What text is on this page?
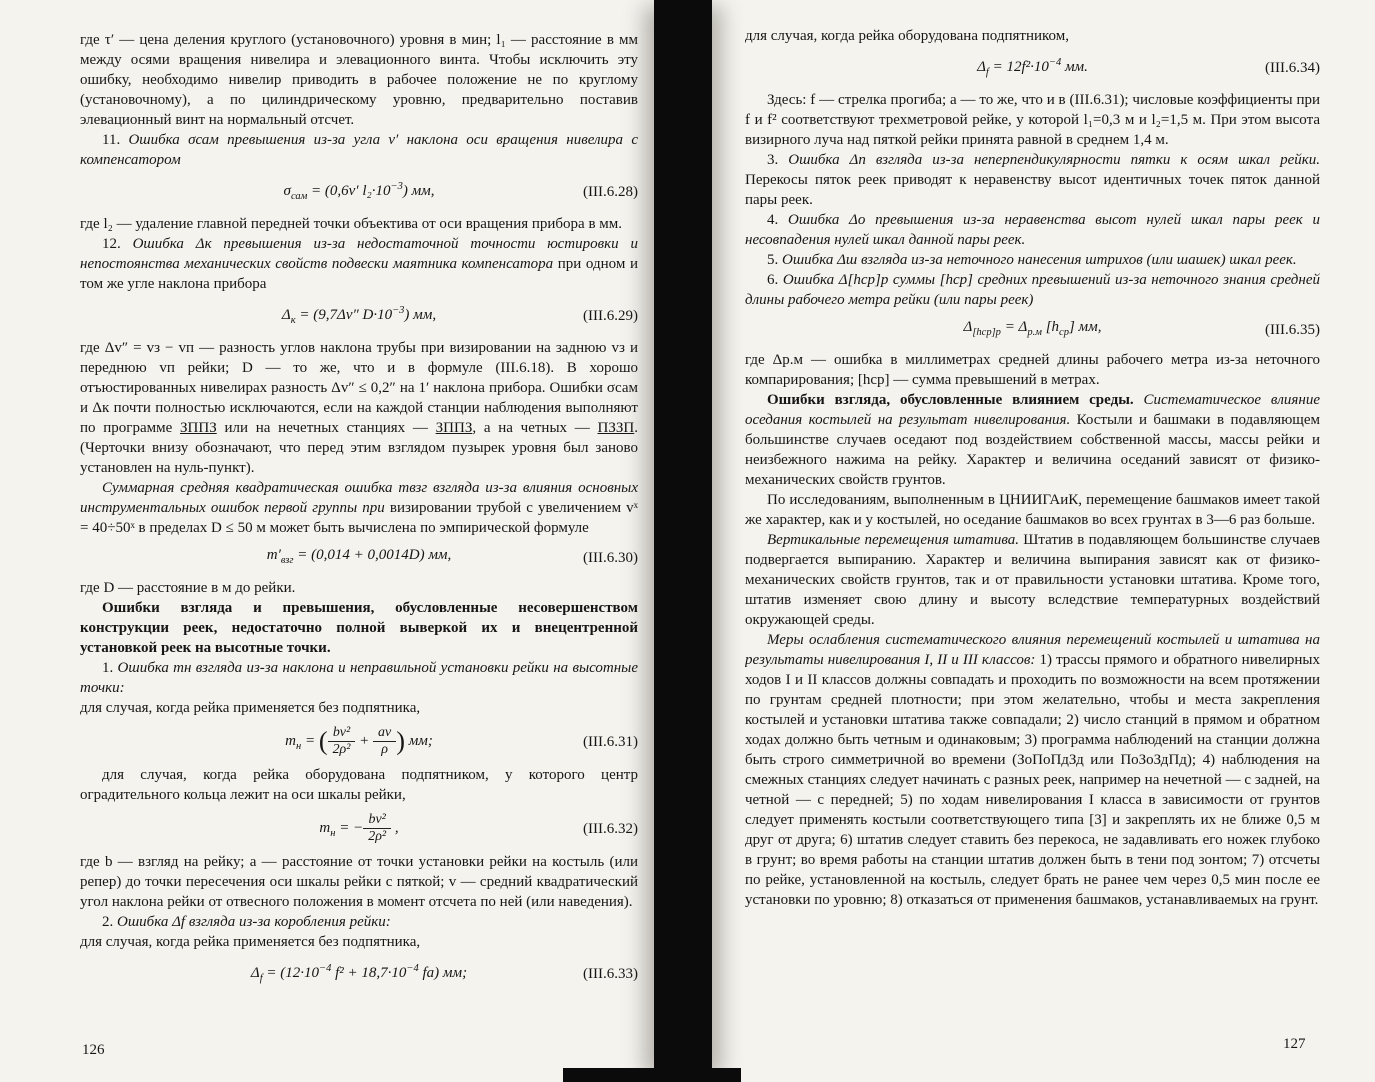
где τ′ — цена деления круглого (установочного) уровня в мин; l₁ — расстояние в мм между осями вращения нивелира и элевационного винта. Чтобы исключить эту ошибку, необходимо нивелир приводить в рабочее положение не по круглому (установочному), а по цилиндрическому уровню, предварительно поставив элевационный винт на нормальный отсчет.

11. Ошибка σсам превышения из-за угла v′ наклона оси вращения нивелира с компенсатором

$\sigma_{сам} = (0,6v'$ $l_2\cdot 10^{-3}$) мм,	(III.6.28)

где l₂ — удаление главной передней точки объектива от оси вращения прибора в мм.

12. Ошибка Δк превышения из-за недостаточной точности юстировки и непостоянства механических свойств подвески маятника компенсатора при одном и том же угле наклона прибора

$\Delta_к = (9,7\Delta v''$ $D\cdot 10^{-3}$) мм,	(III.6.29)

где Δv″ = vз − vп — разность углов наклона трубы при визировании на заднюю vз и переднюю vп рейки; D — то же, что и в формуле (III.6.18). В хорошо отъюстированных нивелирах разность Δv″ ≤ 0,2″ на 1′ наклона прибора. Ошибки σсам и Δк почти полностью исключаются, если на каждой станции наблюдения выполняют по программе ЗППЗ или на нечетных станциях — ЗППЗ, а на четных — ПЗЗП. (Черточки внизу обозначают, что перед этим взглядом пузырек уровня был заново установлен на нуль-пункт).

Суммарная средняя квадратическая ошибка mвзг взгляда из-за влияния основных инструментальных ошибок первой группы при визировании трубой с увеличением vˣ = 40÷50ˣ в пределах D ≤ 50 м может быть вычислена по эмпирической формуле

$m'_{взг} = (0,014 + 0,0014D)$ мм,	(III.6.30)

где D — расстояние в м до рейки.

Ошибки взгляда и превышения, обусловленные несовершенством конструкции реек, недостаточно полной выверкой их и внецентренной установкой реек на высотные точки.

1. Ошибка mн взгляда из-за наклона и неправильной установки рейки на высотные точки:

для случая, когда рейка применяется без подпятника,

$m_н$ = ( $\frac{\text{bv²}}{\text{2ρ²}} + \frac{av}{\rho}$ ) мм;	(III.6.31)

для случая, когда рейка оборудована подпятником, у которого центр оградительного кольца лежит на оси шкалы рейки,

$m_н$ = − $\frac{\text{bv²}}{\text{2ρ²}}$ ,	(III.6.32)

где b — взгляд на рейку; a — расстояние от точки установки рейки на костыль (или репер) до точки пересечения оси шкалы рейки с пяткой; v — средний квадратический угол наклона рейки от отвесного положения в момент отсчета по ней (или наведения).

2. Ошибка Δf взгляда из-за коробления рейки:

для случая, когда рейка применяется без подпятника,

$\Delta_f = (12\cdot 10^{-4}$ $f^2 + 18,7\cdot 10^{-4}$ fa) мм;	(III.6.33)

для случая, когда рейка оборудована подпятником,

$\Delta_f = 12f^2\cdot 10^{-4}$ мм.	(III.6.34)

Здесь: f — стрелка прогиба; a — то же, что и в (III.6.31); числовые коэффициенты при f и f² соответствуют трехметровой рейке, у которой l₁=0,3 м и l₂=1,5 м. При этом высота визирного луча над пяткой рейки принята равной в среднем 1,4 м.

3. Ошибка Δп взгляда из-за неперпендикулярности пятки к осям шкал рейки. Перекосы пяток реек приводят к неравенству высот идентичных точек пяток данной пары реек.

4. Ошибка Δо превышения из-за неравенства высот нулей шкал пары реек и несовпадения нулей шкал данной пары реек.

5. Ошибка Δш взгляда из-за неточного нанесения штрихов (или шашек) шкал реек.

6. Ошибка Δ[hср]р суммы [hср] средних превышений из-за неточного знания средней длины рабочего метра рейки (или пары реек)

$\Delta_{[hср]р} = \Delta_{р.м}$ $[h_{ср}]$ мм,	(III.6.35)

где Δр.м — ошибка в миллиметрах средней длины рабочего метра из-за неточного компарирования; [hср] — сумма превышений в метрах.

Ошибки взгляда, обусловленные влиянием среды. Систематическое влияние оседания костылей на результат нивелирования. Костыли и башмаки в подавляющем большинстве случаев оседают под воздействием собственной массы, массы рейки и неизбежного нажима на рейку. Характер и величина оседаний зависят от физико-механических свойств грунтов.

По исследованиям, выполненным в ЦНИИГАиК, перемещение башмаков имеет такой же характер, как и у костылей, но оседание башмаков во всех грунтах в 3—6 раз больше.

Вертикальные перемещения штатива. Штатив в подавляющем большинстве случаев подвергается выпиранию. Характер и величина выпирания зависят как от физико-механических свойств грунтов, так и от правильности установки штатива. Кроме того, штатив изменяет свою длину и высоту вследствие температурных воздействий окружающей среды.

Меры ослабления систематического влияния перемещений костылей и штатива на результаты нивелирования I, II и III классов: 1) трассы прямого и обратного нивелирных ходов I и II классов должны совпадать и проходить по возможности на всем протяжении по грунтам средней плотности; при этом желательно, чтобы и места закрепления костылей и установки штатива также совпадали; 2) число станций в прямом и обратном ходах должно быть четным и одинаковым; 3) программа наблюдений на станции должна быть строго симметричной во времени (ЗоПоПдЗд или ПоЗоЗдПд); 4) наблюдения на смежных станциях следует начинать с разных реек, например на нечетной — с задней, на четной — с передней; 5) по ходам нивелирования I класса в зависимости от грунтов следует применять костыли соответствующего типа [3] и закреплять их не ближе 0,5 м друг от друга; 6) штатив следует ставить без перекоса, не задавливать его ножек глубоко в грунт; во время работы на станции штатив должен быть в тени под зонтом; 7) отсчеты по рейке, установленной на костыль, следует брать не ранее чем через 0,5 мин после ее установки по уровню; 8) отказаться от применения башмаков, устанавливаемых на грунт.

126	127
